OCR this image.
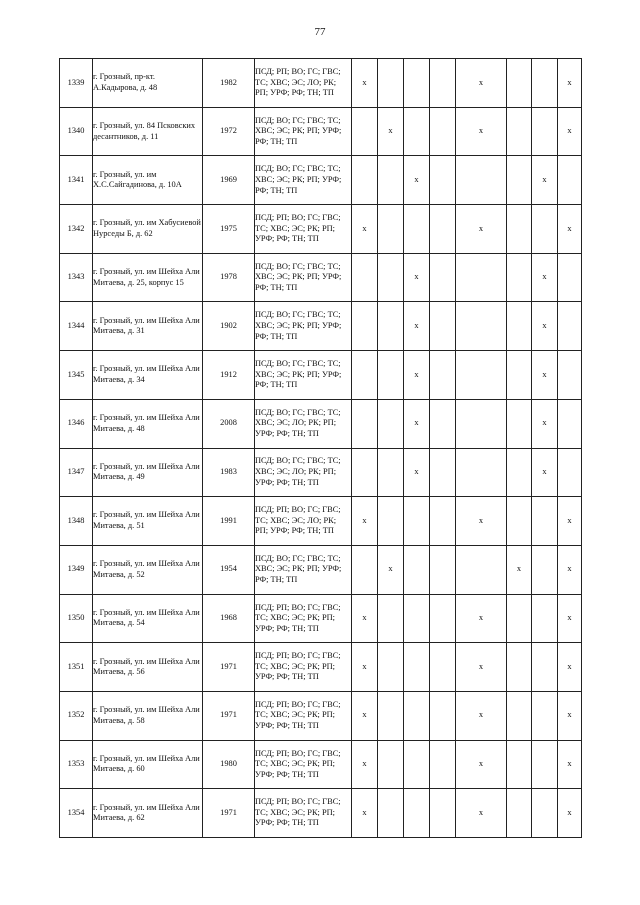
77
1339	г. Грозный, пр-кт. А.Кадырова, д. 48	1982	ПСД; РП; ВО; ГС; ГВС; ТС; ХВС; ЭС; ЛО; РК; РП; УРФ; РФ; ТН; ТП	x				x			x
1340	г. Грозный, ул. 84 Псковских десантников, д. 11	1972	ПСД; ВО; ГС; ГВС; ТС; ХВС; ЭС; РК; РП; УРФ; РФ; ТН; ТП		x			x			x
1341	г. Грозный, ул. им Х.С.Сайгадинова, д. 10А	1969	ПСД; ВО; ГС; ГВС; ТС; ХВС; ЭС; РК; РП; УРФ; РФ; ТН; ТП			x				x	
1342	г. Грозный, ул. им Хабусиевой Нурседы Б, д. 62	1975	ПСД; РП; ВО; ГС; ГВС; ТС; ХВС; ЭС; РК; РП; УРФ; РФ; ТН; ТП	x				x			x
1343	г. Грозный, ул. им Шейха Али Митаева, д. 25, корпус 15	1978	ПСД; ВО; ГС; ГВС; ТС; ХВС; ЭС; РК; РП; УРФ; РФ; ТН; ТП			x				x	
1344	г. Грозный, ул. им Шейха Али Митаева, д. 31	1902	ПСД; ВО; ГС; ГВС; ТС; ХВС; ЭС; РК; РП; УРФ; РФ; ТН; ТП			x				x	
1345	г. Грозный, ул. им Шейха Али Митаева, д. 34	1912	ПСД; ВО; ГС; ГВС; ТС; ХВС; ЭС; РК; РП; УРФ; РФ; ТН; ТП			x				x	
1346	г. Грозный, ул. им Шейха Али Митаева, д. 48	2008	ПСД; ВО; ГС; ГВС; ТС; ХВС; ЭС; ЛО; РК; РП; УРФ; РФ; ТН; ТП			x				x	
1347	г. Грозный, ул. им Шейха Али Митаева, д. 49	1983	ПСД; ВО; ГС; ГВС; ТС; ХВС; ЭС; ЛО; РК; РП; УРФ; РФ; ТН; ТП			x				x	
1348	г. Грозный, ул. им Шейха Али Митаева, д. 51	1991	ПСД; РП; ВО; ГС; ГВС; ТС; ХВС; ЭС; ЛО; РК; РП; УРФ; РФ; ТН; ТП	x				x			x
1349	г. Грозный, ул. им Шейха Али Митаева, д. 52	1954	ПСД; ВО; ГС; ГВС; ТС; ХВС; ЭС; РК; РП; УРФ; РФ; ТН; ТП		x				x		x
1350	г. Грозный, ул. им Шейха Али Митаева, д. 54	1968	ПСД; РП; ВО; ГС; ГВС; ТС; ХВС; ЭС; РК; РП; УРФ; РФ; ТН; ТП	x				x			x
1351	г. Грозный, ул. им Шейха Али Митаева, д. 56	1971	ПСД; РП; ВО; ГС; ГВС; ТС; ХВС; ЭС; РК; РП; УРФ; РФ; ТН; ТП	x				x			x
1352	г. Грозный, ул. им Шейха Али Митаева, д. 58	1971	ПСД; РП; ВО; ГС; ГВС; ТС; ХВС; ЭС; РК; РП; УРФ; РФ; ТН; ТП	x				x			x
1353	г. Грозный, ул. им Шейха Али Митаева, д. 60	1980	ПСД; РП; ВО; ГС; ГВС; ТС; ХВС; ЭС; РК; РП; УРФ; РФ; ТН; ТП	x				x			x
1354	г. Грозный, ул. им Шейха Али Митаева, д. 62	1971	ПСД; РП; ВО; ГС; ГВС; ТС; ХВС; ЭС; РК; РП; УРФ; РФ; ТН; ТП	x				x			x
